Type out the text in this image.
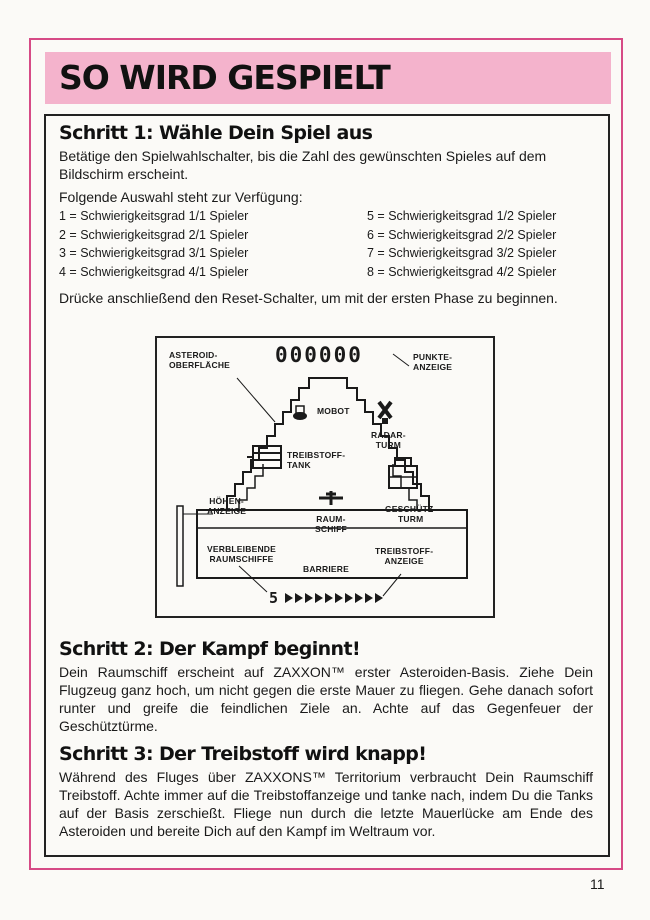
SO WIRD GESPIELT
Schritt 1: Wähle Dein Spiel aus

Betätige den Spielwahlschalter, bis die Zahl des gewünschten Spieles auf dem Bildschirm erscheint.

Folgende Auswahl steht zur Verfügung:

1 = Schwierigkeitsgrad 1/1 Spieler
2 = Schwierigkeitsgrad 2/1 Spieler
3 = Schwierigkeitsgrad 3/1 Spieler
4 = Schwierigkeitsgrad 4/1 Spieler
5 = Schwierigkeitsgrad 1/2 Spieler
6 = Schwierigkeitsgrad 2/2 Spieler
7 = Schwierigkeitsgrad 3/2 Spieler
8 = Schwierigkeitsgrad 4/2 Spieler

Drücke anschließend den Reset-Schalter, um mit der ersten Phase zu beginnen.

000000
5
ASTEROID-
OBERFLÄCHE
PUNKTE-
ANZEIGE
MOBOT
RADAR-
TURM
TREIBSTOFF-
TANK
HÖHEN-
ANZEIGE
RAUM-
SCHIFF
GESCHÜTZ-
TURM
VERBLEIBENDE
RAUMSCHIFFE
BARRIERE
TREIBSTOFF-
ANZEIGE
Schritt 2: Der Kampf beginnt!

Dein Raumschiff erscheint auf ZAXXON™ erster Asteroiden-Basis. Ziehe Dein Flugzeug ganz hoch, um nicht gegen die erste Mauer zu fliegen. Gehe danach sofort runter und greife die feindlichen Ziele an. Achte auf das Gegenfeuer der Geschütztürme.

Schritt 3: Der Treibstoff wird knapp!

Während des Fluges über ZAXXONS™ Territorium verbraucht Dein Raumschiff Treibstoff. Achte immer auf die Treibstoffanzeige und tanke nach, indem Du die Tanks auf der Basis zerschießt. Fliege nun durch die letzte Mauerlücke am Ende des Asteroiden und bereite Dich auf den Kampf im Weltraum vor.

11
